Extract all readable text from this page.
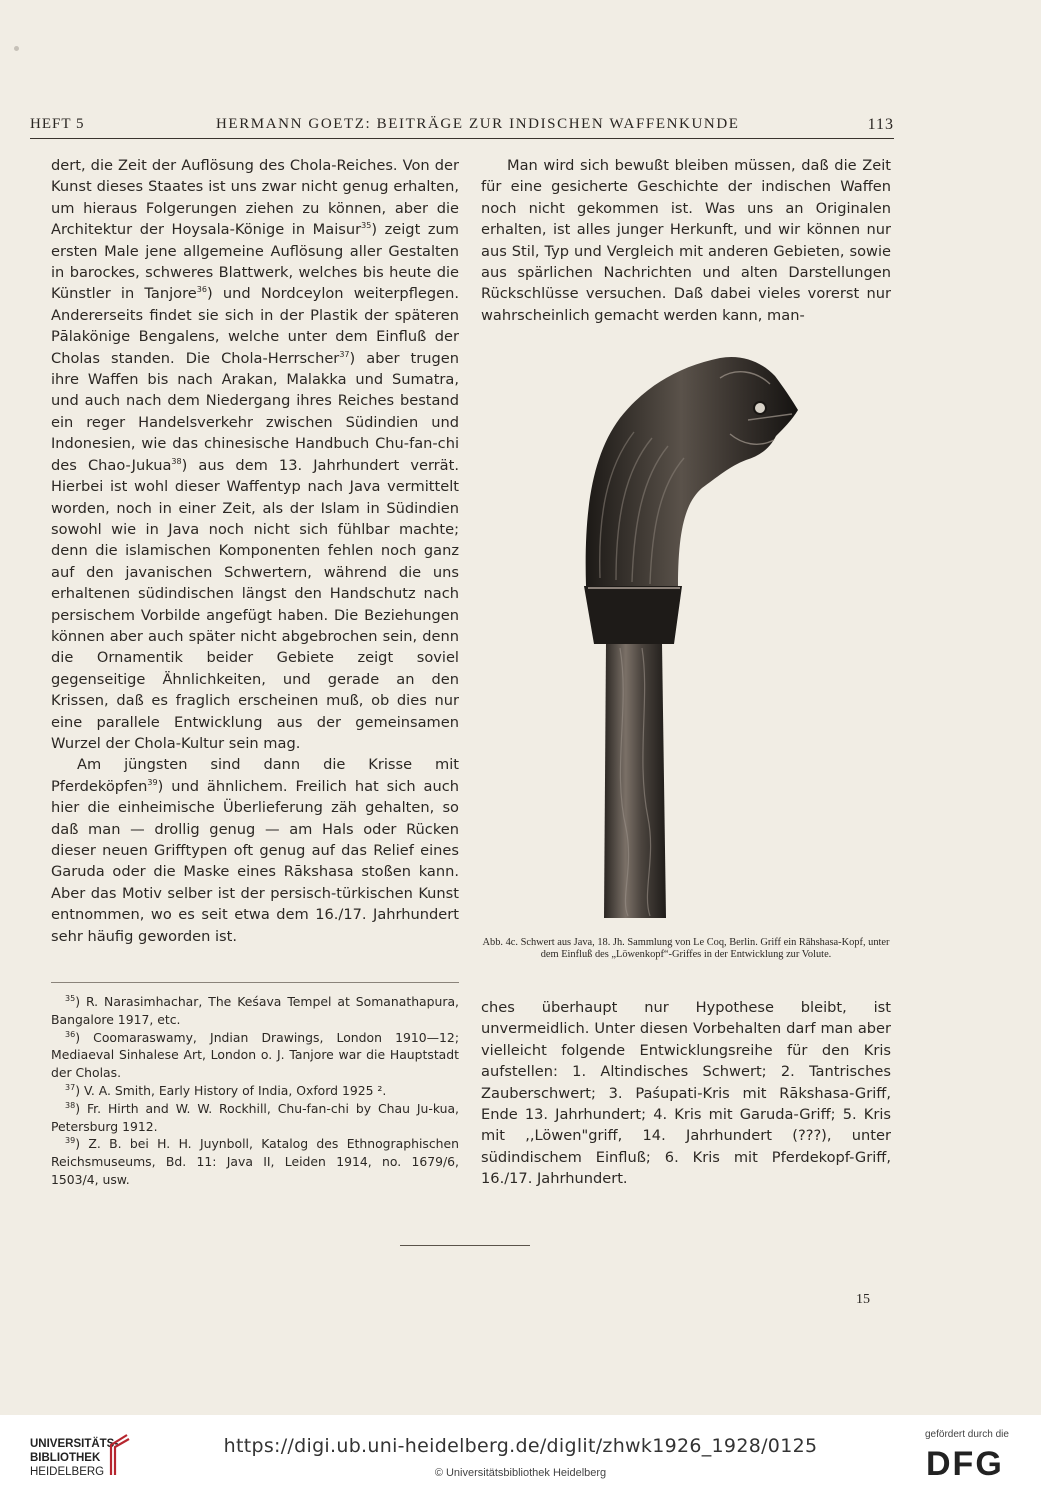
HEFT 5	HERMANN GOETZ: BEITRÄGE ZUR INDISCHEN WAFFENKUNDE	113

dert, die Zeit der Auflösung des Chola-Reiches. Von der Kunst dieses Staates ist uns zwar nicht genug erhalten, um hieraus Folgerungen ziehen zu können, aber die Architektur der Hoysala-Könige in Maisur$^{35}$) zeigt zum ersten Male jene allgemeine Auflösung aller Gestalten in barockes, schweres Blattwerk, welches bis heute die Künstler in Tanjore$^{36}$) und Nordceylon weiterpflegen. Andererseits findet sie sich in der Plastik der späteren Pālakönige Bengalens, welche unter dem Einfluß der Cholas standen. Die Chola-Herrscher$^{37}$) aber trugen ihre Waffen bis nach Arakan, Malakka und Sumatra, und auch nach dem Niedergang ihres Reiches bestand ein reger Handelsverkehr zwischen Südindien und Indonesien, wie das chinesische Handbuch Chu-fan-chi des Chao-Jukua$^{38}$) aus dem 13. Jahrhundert verrät. Hierbei ist wohl dieser Waffentyp nach Java vermittelt worden, noch in einer Zeit, als der Islam in Südindien sowohl wie in Java noch nicht sich fühlbar machte; denn die islamischen Komponenten fehlen noch ganz auf den javanischen Schwertern, während die uns erhaltenen südindischen längst den Handschutz nach persischem Vorbilde angefügt haben. Die Beziehungen können aber auch später nicht abgebrochen sein, denn die Ornamentik beider Gebiete zeigt soviel gegenseitige Ähnlichkeiten, und gerade an den Krissen, daß es fraglich erscheinen muß, ob dies nur eine parallele Entwicklung aus der gemeinsamen Wurzel der Chola-Kultur sein mag.

Am jüngsten sind dann die Krisse mit Pferdeköpfen$^{39}$) und ähnlichem. Freilich hat sich auch hier die einheimische Überlieferung zäh gehalten, so daß man — drollig genug — am Hals oder Rücken dieser neuen Grifftypen oft genug auf das Relief eines Garuda oder die Maske eines Rākshasa stoßen kann. Aber das Motiv selber ist der persisch-türkischen Kunst entnommen, wo es seit etwa dem 16./17. Jahrhundert sehr häufig geworden ist.

$^{35}$) R. Narasimhachar, The Keśava Tempel at Somanathapura, Bangalore 1917, etc.

$^{36}$) Coomaraswamy, Jndian Drawings, London 1910—12; Mediaeval Sinhalese Art, London o. J. Tanjore war die Hauptstadt der Cholas.

$^{37}$) V. A. Smith, Early History of India, Oxford 1925 ².

$^{38}$) Fr. Hirth and W. W. Rockhill, Chu-fan-chi by Chau Ju-kua, Petersburg 1912.

$^{39}$) Z. B. bei H. H. Juynboll, Katalog des Ethnographischen Reichsmuseums, Bd. 11: Java II, Leiden 1914, no. 1679/6, 1503/4, usw.

Man wird sich bewußt bleiben müssen, daß die Zeit für eine gesicherte Geschichte der indischen Waffen noch nicht gekommen ist. Was uns an Originalen erhalten, ist alles junger Herkunft, und wir können nur aus Stil, Typ und Vergleich mit anderen Gebieten, sowie aus spärlichen Nachrichten und alten Darstellungen Rückschlüsse versuchen. Daß dabei vieles vorerst nur wahrscheinlich gemacht werden kann, man-

Abb. 4c. Schwert aus Java, 18. Jh. Sammlung von Le Coq, Berlin. Griff ein Rāhshasa-Kopf, unter dem Einfluß des „Löwenkopf“-Griffes in der Entwicklung zur Volute.

ches überhaupt nur Hypothese bleibt, ist unvermeidlich. Unter diesen Vorbehalten darf man aber vielleicht folgende Entwicklungsreihe für den Kris aufstellen: 1. Altindisches Schwert; 2. Tantrisches Zauberschwert; 3. Paśupati-Kris mit Rākshasa-Griff, Ende 13. Jahrhundert; 4. Kris mit Garuda-Griff; 5. Kris mit ,,Löwen"griff, 14. Jahrhundert (???), unter südindischem Einfluß; 6. Kris mit Pferdekopf-Griff, 16./17. Jahrhundert.

15
UNIVERSITÄTS-
BIBLIOTHEK
HEIDELBERG
https://digi.ub.uni-heidelberg.de/diglit/zhwk1926_1928/0125
© Universitätsbibliothek Heidelberg
gefördert durch die
DFG
